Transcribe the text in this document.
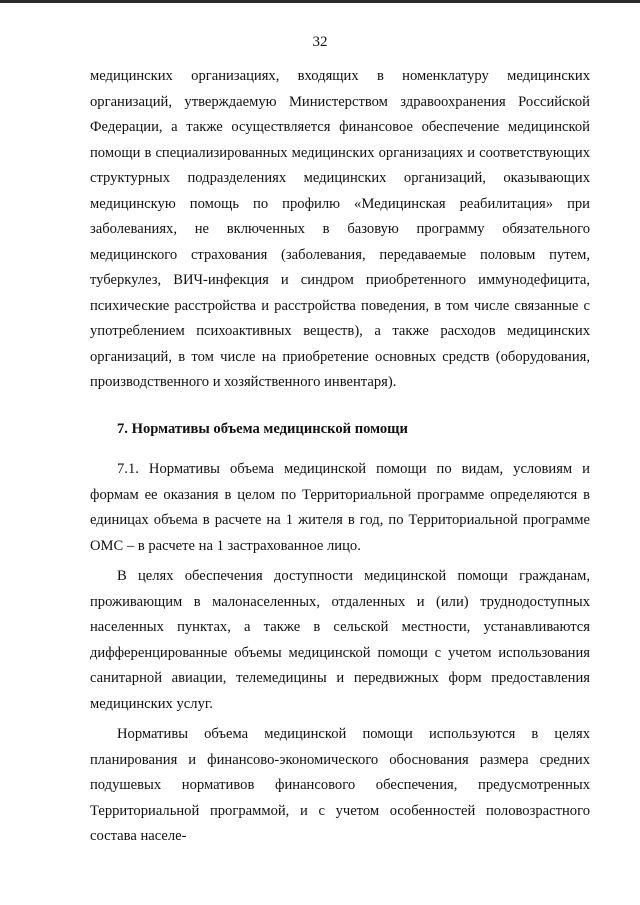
32

медицинских организациях, входящих в номенклатуру медицинских организаций, утверждаемую Министерством здравоохранения Российской Федерации, а также осуществляется финансовое обеспечение медицинской помощи в специализированных медицинских организациях и соответствующих структурных подразделениях медицинских организаций, оказывающих медицинскую помощь по профилю «Медицинская реабилитация» при заболеваниях, не включенных в базовую программу обязательного медицинского страхования (заболевания, передаваемые половым путем, туберкулез, ВИЧ-инфекция и синдром приобретенного иммунодефицита, психические расстройства и расстройства поведения, в том числе связанные с употреблением психоактивных веществ), а также расходов медицинских организаций, в том числе на приобретение основных средств (оборудования, производственного и хозяйственного инвентаря).

7. Нормативы объема медицинской помощи

7.1. Нормативы объема медицинской помощи по видам, условиям и формам ее оказания в целом по Территориальной программе определяются в единицах объема в расчете на 1 жителя в год, по Территориальной программе ОМС – в расчете на 1 застрахованное лицо.

В целях обеспечения доступности медицинской помощи гражданам, проживающим в малонаселенных, отдаленных и (или) труднодоступных населенных пунктах, а также в сельской местности, устанавливаются дифференцированные объемы медицинской помощи с учетом использования санитарной авиации, телемедицины и передвижных форм предоставления медицинских услуг.

Нормативы объема медицинской помощи используются в целях планирования и финансово-экономического обоснования размера средних подушевых нормативов финансового обеспечения, предусмотренных Территориальной программой, и с учетом особенностей половозрастного состава населе-
